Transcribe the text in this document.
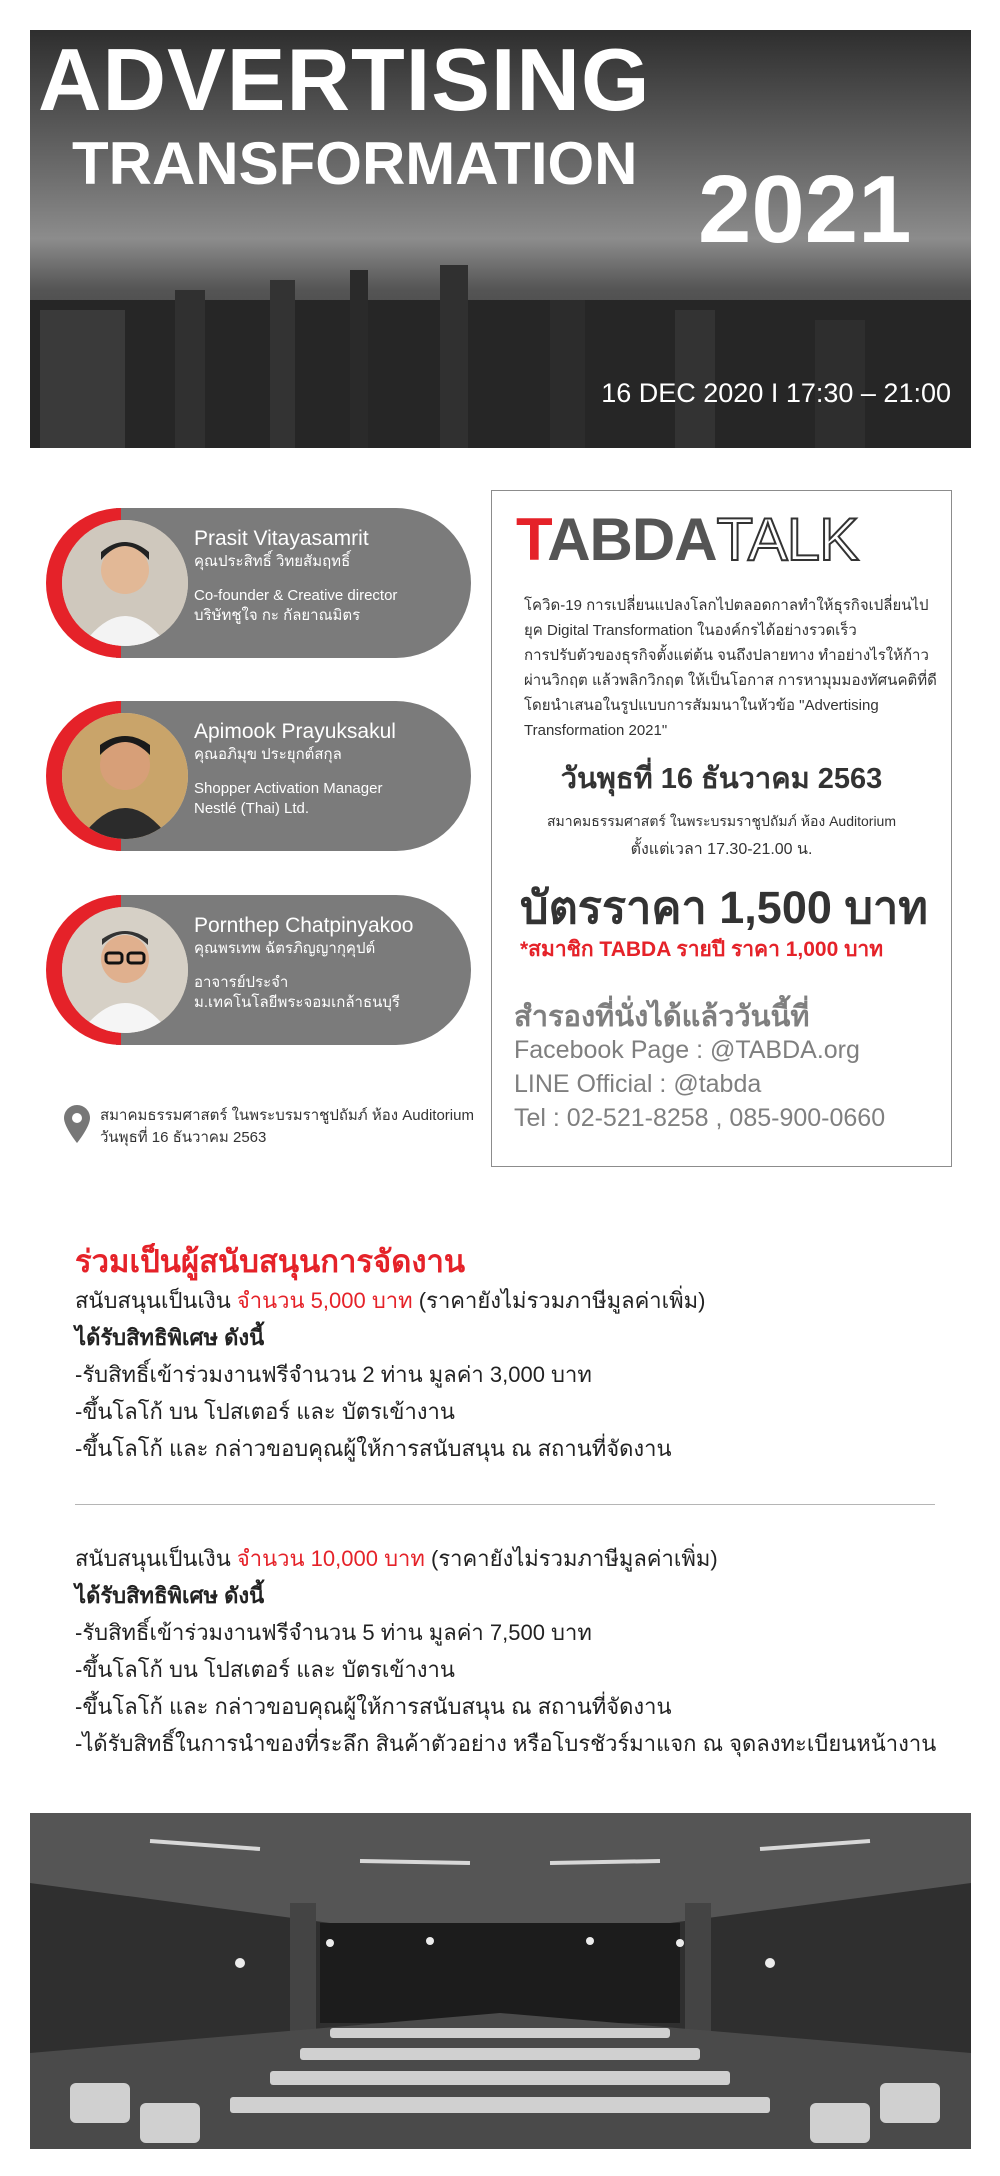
ADVERTISING
TRANSFORMATION 2021
16 DEC 2020 I 17:30 – 21:00
Prasit Vitayasamrit
คุณประสิทธิ์ วิทยสัมฤทธิ์
Co-founder & Creative director
บริษัทชูใจ กะ กัลยาณมิตร
Apimook Prayuksakul
คุณอภิมุข ประยุกต์สกุล
Shopper Activation Manager
Nestlé (Thai) Ltd.
Pornthep Chatpinyakoo
คุณพรเทพ ฉัตรภิญญากุคุปต์
อาจารย์ประจำ
ม.เทคโนโลยีพระจอมเกล้าธนบุรี
สมาคมธรรมศาสตร์ ในพระบรมราชูปถัมภ์ ห้อง Auditorium
วันพุธที่ 16 ธันวาคม 2563
TABDATALK
โควิด-19 การเปลี่ยนแปลงโลกไปตลอดกาลทำให้ธุรกิจเปลี่ยนไป
ยุค Digital Transformation ในองค์กรได้อย่างรวดเร็ว
การปรับตัวของธุรกิจตั้งแต่ต้น จนถึงปลายทาง ทำอย่างไรให้ก้าว
ผ่านวิกฤต แล้วพลิกวิกฤต ให้เป็นโอกาส การหามุมมองทัศนคติที่ดี
โดยนำเสนอในรูปแบบการสัมมนาในหัวข้อ "Advertising
Transformation 2021"
วันพุธที่ 16 ธันวาคม 2563
สมาคมธรรมศาสตร์ ในพระบรมราชูปถัมภ์ ห้อง Auditorium
ตั้งแต่เวลา 17.30-21.00 น.
บัตรราคา 1,500 บาท
*สมาชิก TABDA รายปี ราคา 1,000 บาท
สำรองที่นั่งได้แล้ววันนี้ที่
Facebook Page : @TABDA.org
LINE Official : @tabda
Tel : 02-521-8258 , 085-900-0660
ร่วมเป็นผู้สนับสนุนการจัดงาน
สนับสนุนเป็นเงิน จำนวน 5,000 บาท (ราคายังไม่รวมภาษีมูลค่าเพิ่ม)
ได้รับสิทธิพิเศษ ดังนี้
-รับสิทธิ์เข้าร่วมงานฟรีจำนวน 2 ท่าน มูลค่า 3,000 บาท
-ขึ้นโลโก้ บน โปสเตอร์ และ บัตรเข้างาน
-ขึ้นโลโก้ และ กล่าวขอบคุณผู้ให้การสนับสนุน ณ สถานที่จัดงาน
สนับสนุนเป็นเงิน จำนวน 10,000 บาท (ราคายังไม่รวมภาษีมูลค่าเพิ่ม)
ได้รับสิทธิพิเศษ ดังนี้
-รับสิทธิ์เข้าร่วมงานฟรีจำนวน 5 ท่าน มูลค่า 7,500 บาท
-ขึ้นโลโก้ บน โปสเตอร์ และ บัตรเข้างาน
-ขึ้นโลโก้ และ กล่าวขอบคุณผู้ให้การสนับสนุน ณ สถานที่จัดงาน
-ได้รับสิทธิ์ในการนำของที่ระลึก สินค้าตัวอย่าง หรือโบรชัวร์มาแจก ณ จุดลงทะเบียนหน้างาน
